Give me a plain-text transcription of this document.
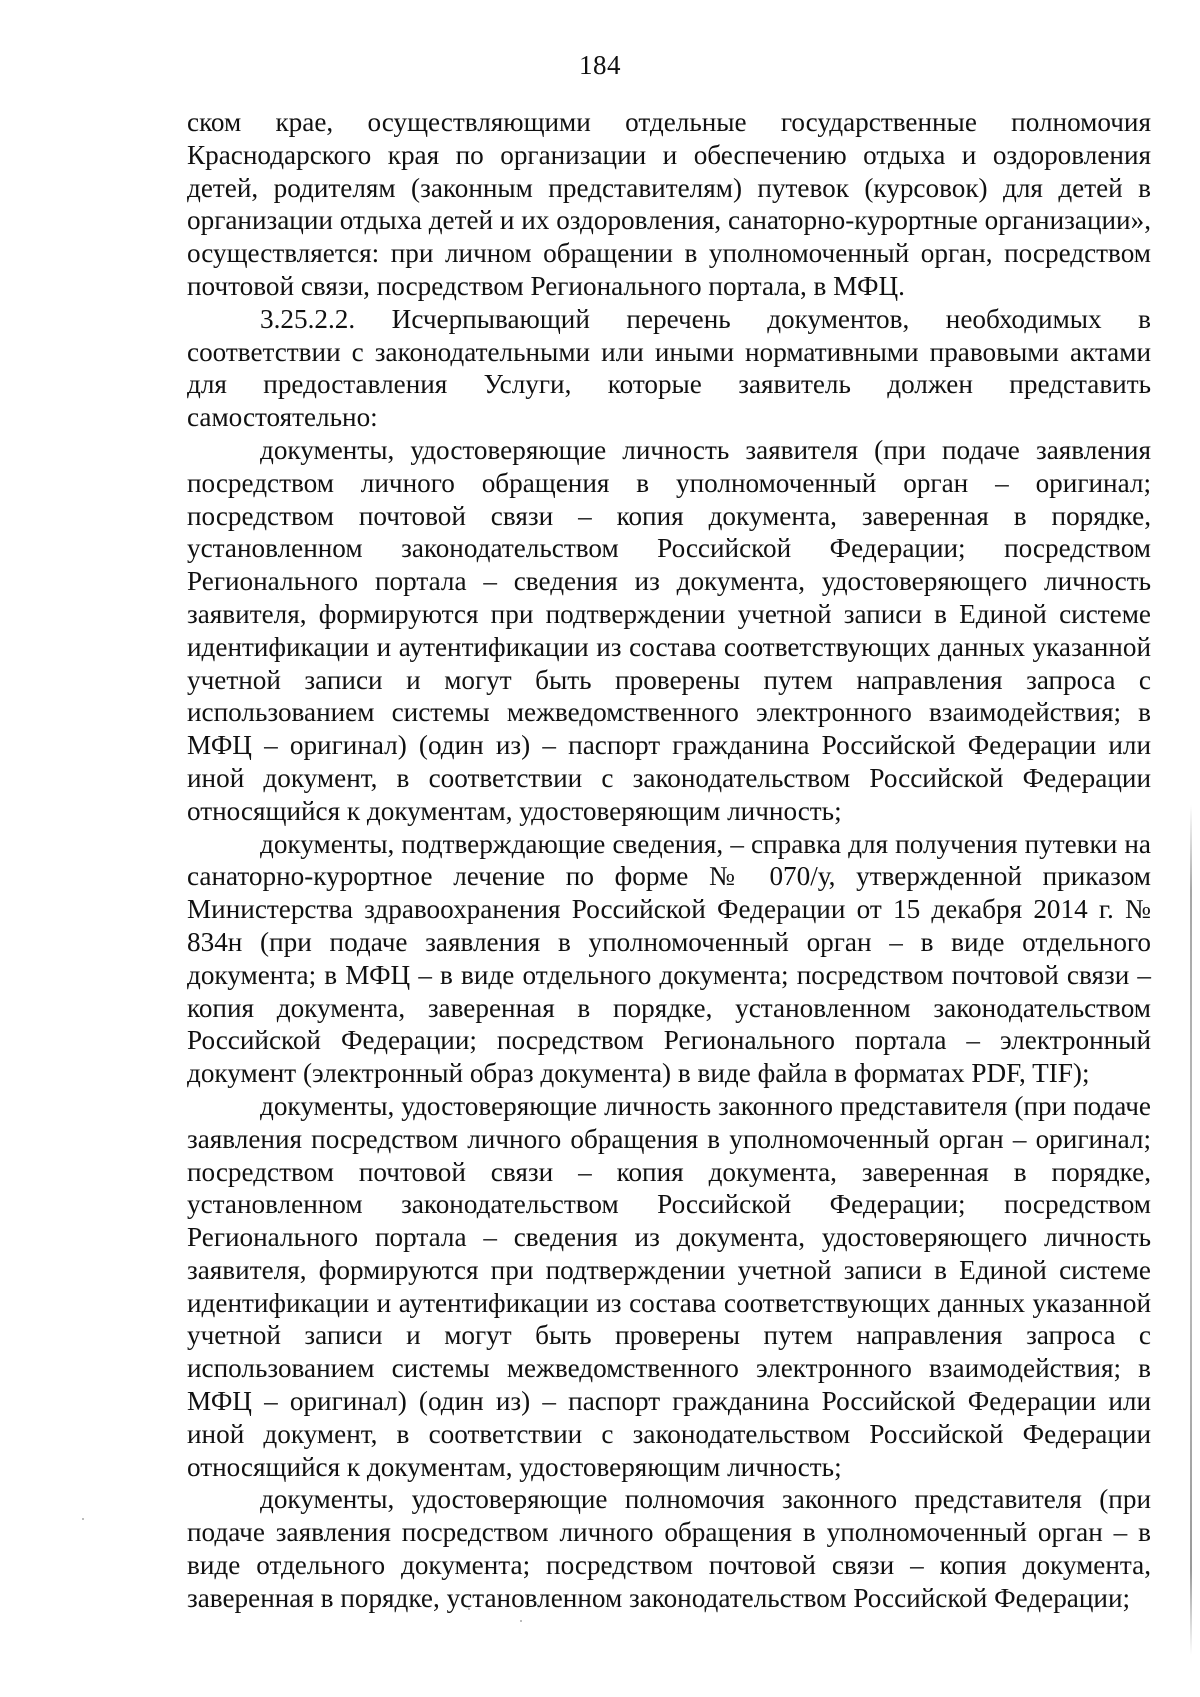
184

ском крае, осуществляющими отдельные государственные полномочия Краснодарского края по организации и обеспечению отдыха и оздоровления детей, родителям (законным представителям) путевок (курсовок) для детей в организации отдыха детей и их оздоровления, санаторно-курортные организации», осуществляется: при личном обращении в уполномоченный орган, посредством почтовой связи, посредством Регионального портала, в МФЦ.

3.25.2.2. Исчерпывающий перечень документов, необходимых в соответствии с законодательными или иными нормативными правовыми актами для предоставления Услуги, которые заявитель должен представить самостоятельно:

документы, удостоверяющие личность заявителя (при подаче заявления посредством личного обращения в уполномоченный орган – оригинал; посредством почтовой связи – копия документа, заверенная в порядке, установленном законодательством Российской Федерации; посредством Регионального портала – сведения из документа, удостоверяющего личность заявителя, формируются при подтверждении учетной записи в Единой системе идентификации и аутентификации из состава соответствующих данных указанной учетной записи и могут быть проверены путем направления запроса с использованием системы межведомственного электронного взаимодействия; в МФЦ – оригинал) (один из) – паспорт гражданина Российской Федерации или иной документ, в соответствии с законодательством Российской Федерации относящийся к документам, удостоверяющим личность;

документы, подтверждающие сведения, – справка для получения путевки на санаторно-курортное лечение по форме № 070/у, утвержденной приказом Министерства здравоохранения Российской Федерации от 15 декабря 2014 г. № 834н (при подаче заявления в уполномоченный орган – в виде отдельного документа; в МФЦ – в виде отдельного документа; посредством почтовой связи – копия документа, заверенная в порядке, установленном законодательством Российской Федерации; посредством Регионального портала – электронный документ (электронный образ документа) в виде файла в форматах PDF, TIF);

документы, удостоверяющие личность законного представителя (при подаче заявления посредством личного обращения в уполномоченный орган – оригинал; посредством почтовой связи – копия документа, заверенная в порядке, установленном законодательством Российской Федерации; посредством Регионального портала – сведения из документа, удостоверяющего личность заявителя, формируются при подтверждении учетной записи в Единой системе идентификации и аутентификации из состава соответствующих данных указанной учетной записи и могут быть проверены путем направления запроса с использованием системы межведомственного электронного взаимодействия; в МФЦ – оригинал) (один из) – паспорт гражданина Российской Федерации или иной документ, в соответствии с законодательством Российской Федерации относящийся к документам, удостоверяющим личность;

документы, удостоверяющие полномочия законного представителя (при подаче заявления посредством личного обращения в уполномоченный орган – в виде отдельного документа; посредством почтовой связи – копия документа, заверенная в порядке, установленном законодательством Российской Федерации;
